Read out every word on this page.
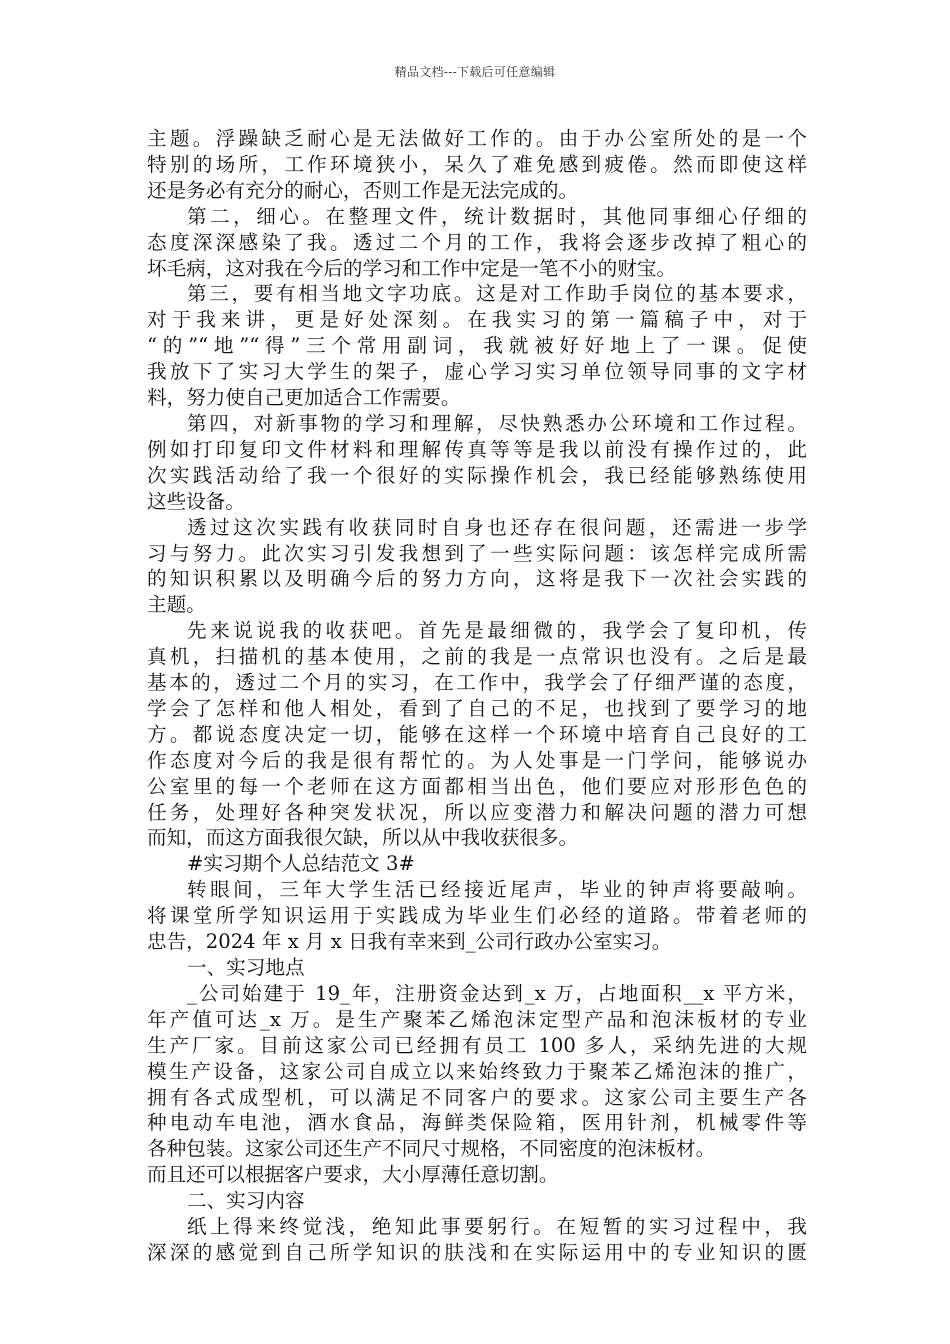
精品文档---下载后可任意编辑
主题。浮躁缺乏耐心是无法做好工作的。由于办公室所处的是一个
特别的场所，工作环境狭小，呆久了难免感到疲倦。然而即使这样
还是务必有充分的耐心，否则工作是无法完成的。
第二，细心。在整理文件，统计数据时，其他同事细心仔细的
态度深深感染了我。透过二个月的工作，我将会逐步改掉了粗心的
坏毛病，这对我在今后的学习和工作中定是一笔不小的财宝。
第三，要有相当地文字功底。这是对工作助手岗位的基本要求，
对于我来讲，更是好处深刻。在我实习的第一篇稿子中，对于
“的”“地”“得”三个常用副词，我就被好好地上了一课。促使
我放下了实习大学生的架子，虚心学习实习单位领导同事的文字材
料，努力使自己更加适合工作需要。
第四，对新事物的学习和理解，尽快熟悉办公环境和工作过程。
例如打印复印文件材料和理解传真等等是我以前没有操作过的，此
次实践活动给了我一个很好的实际操作机会，我已经能够熟练使用
这些设备。
透过这次实践有收获同时自身也还存在很问题，还需进一步学
习与努力。此次实习引发我想到了一些实际问题：该怎样完成所需
的知识积累以及明确今后的努力方向，这将是我下一次社会实践的
主题。
先来说说我的收获吧。首先是最细微的，我学会了复印机，传
真机，扫描机的基本使用，之前的我是一点常识也没有。之后是最
基本的，透过二个月的实习，在工作中，我学会了仔细严谨的态度，
学会了怎样和他人相处，看到了自己的不足，也找到了要学习的地
方。都说态度决定一切，能够在这样一个环境中培育自己良好的工
作态度对今后的我是很有帮忙的。为人处事是一门学问，能够说办
公室里的每一个老师在这方面都相当出色，他们要应对形形色色的
任务，处理好各种突发状况，所以应变潜力和解决问题的潜力可想
而知，而这方面我很欠缺，所以从中我收获很多。
#实习期个人总结范文 3#
转眼间，三年大学生活已经接近尾声，毕业的钟声将要敲响。
将课堂所学知识运用于实践成为毕业生们必经的道路。带着老师的
忠告，2024 年 x 月 x 日我有幸来到_公司行政办公室实习。
一、实习地点
_公司始建于 19_年，注册资金达到_x 万，占地面积__x 平方米，
年产值可达_x 万。是生产聚苯乙烯泡沫定型产品和泡沫板材的专业
生产厂家。目前这家公司已经拥有员工 100 多人，采纳先进的大规
模生产设备，这家公司自成立以来始终致力于聚苯乙烯泡沫的推广，
拥有各式成型机，可以满足不同客户的要求。这家公司主要生产各
种电动车电池，酒水食品，海鲜类保险箱，医用针剂，机械零件等
各种包装。这家公司还生产不同尺寸规格，不同密度的泡沫板材。
而且还可以根据客户要求，大小厚薄任意切割。
二、实习内容
纸上得来终觉浅，绝知此事要躬行。在短暂的实习过程中，我
深深的感觉到自己所学知识的肤浅和在实际运用中的专业知识的匮
